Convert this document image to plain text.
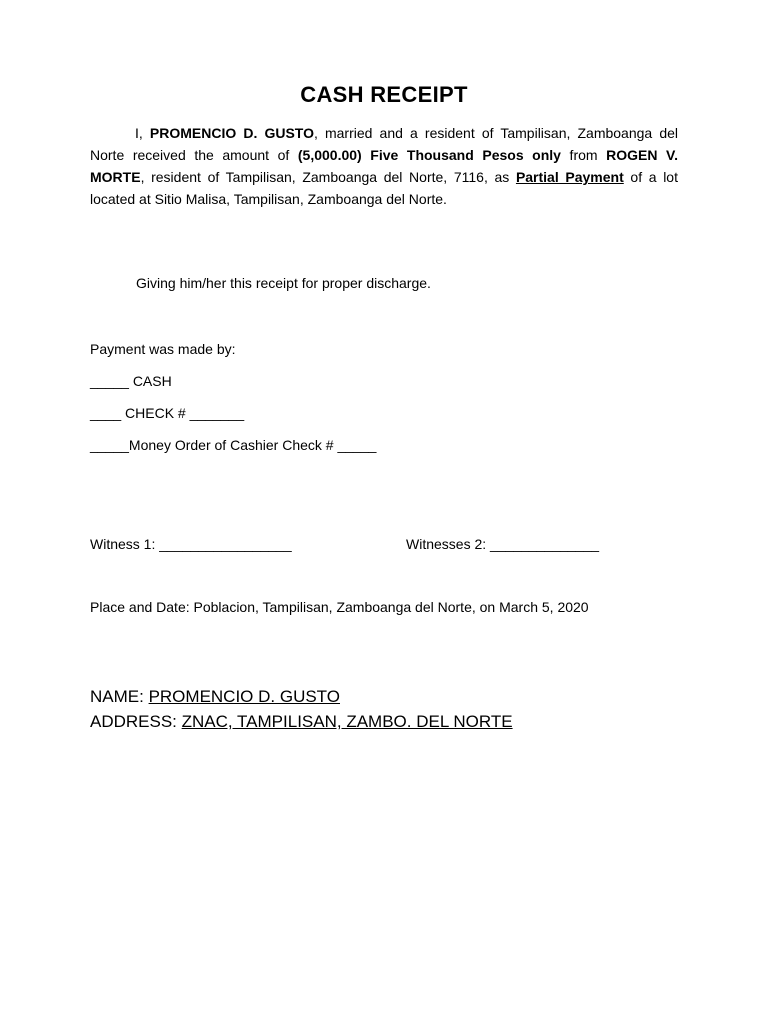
CASH RECEIPT
I, PROMENCIO D. GUSTO, married and a resident of Tampilisan, Zamboanga del Norte received the amount of (5,000.00) Five Thousand Pesos only from ROGEN V. MORTE, resident of Tampilisan, Zamboanga del Norte, 7116, as Partial Payment of a lot located at Sitio Malisa, Tampilisan, Zamboanga del Norte.
Giving him/her this receipt for proper discharge.
Payment was made by:
_____ CASH
____ CHECK # _______
_____Money Order of Cashier Check # _____
Witness 1: _________________	Witnesses 2: ______________
Place and Date: Poblacion, Tampilisan, Zamboanga del Norte, on March 5, 2020
NAME: PROMENCIO D. GUSTO
ADDRESS: ZNAC, TAMPILISAN, ZAMBO. DEL NORTE
